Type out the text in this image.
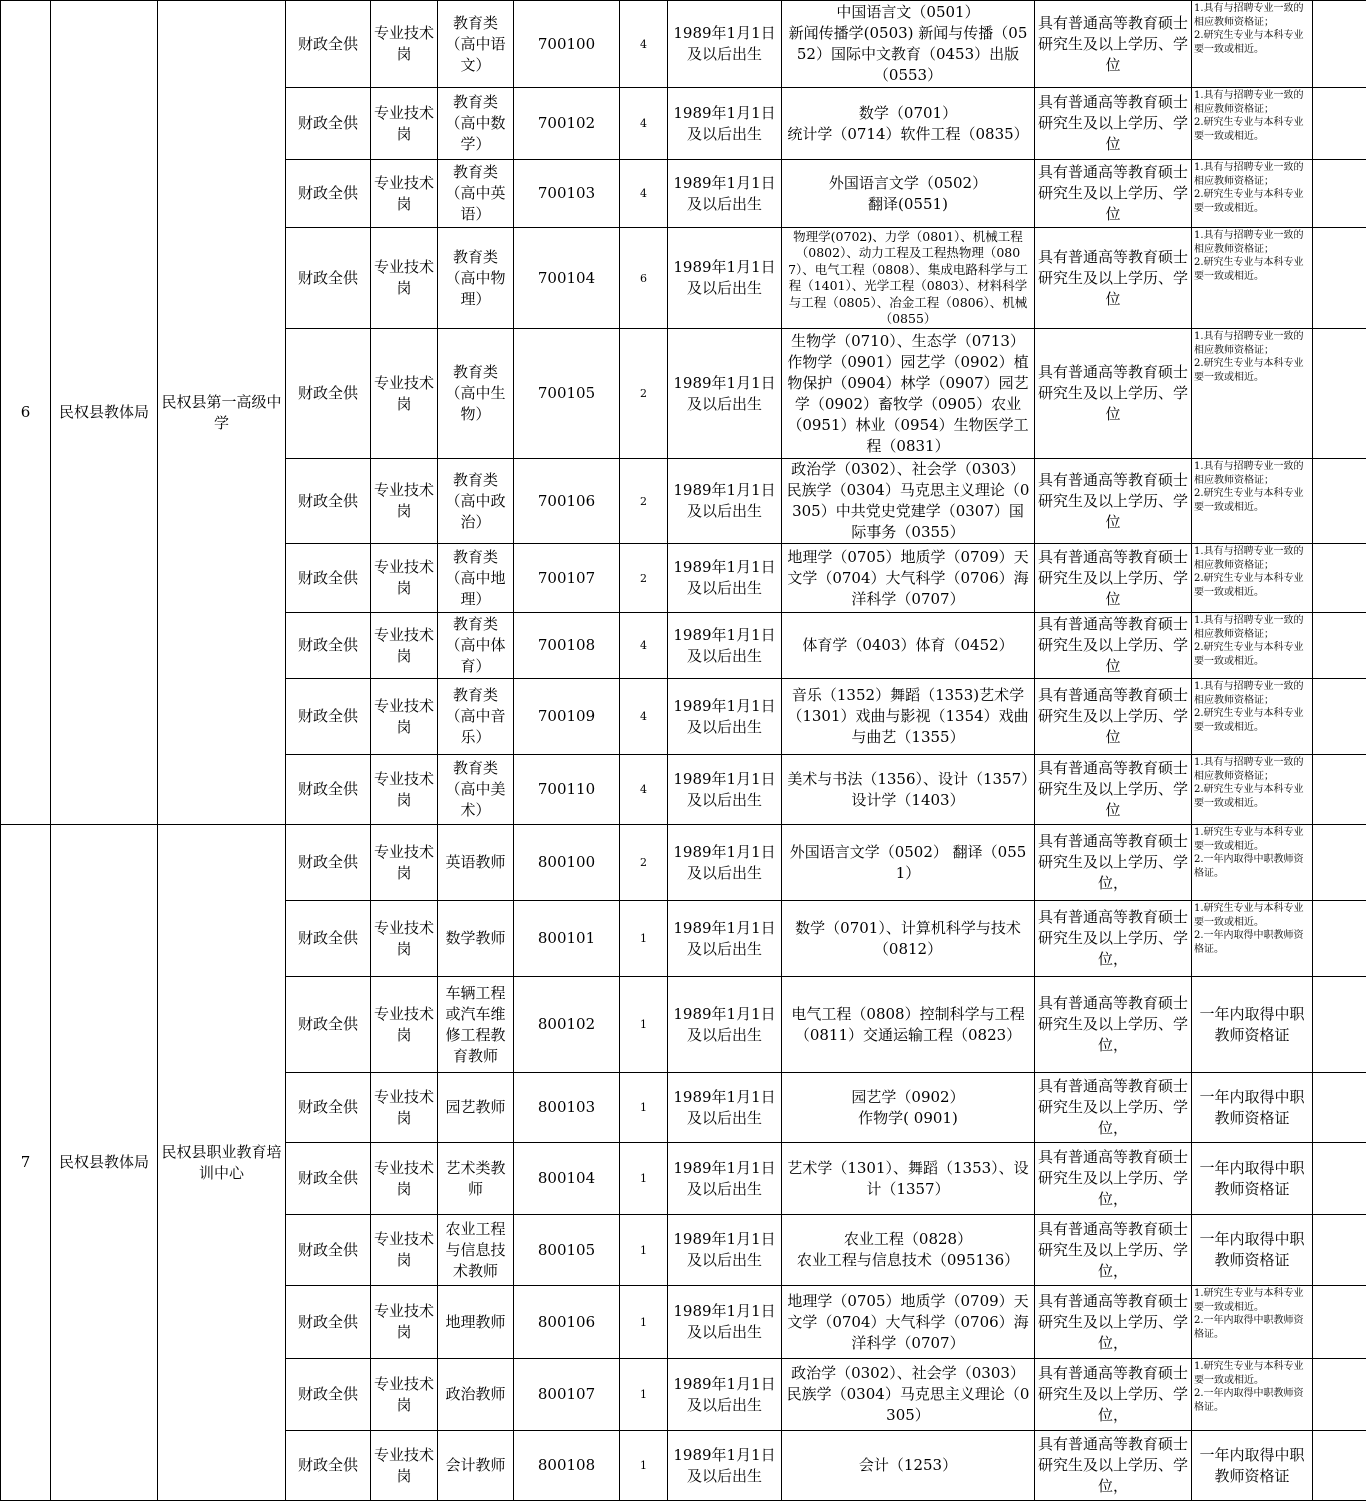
6	民权县教体局	民权县第一高级中学	财政全供	专业技术岗	教育类（高中语文）	700100	4	1989年1月1日及以后出生	中国语言文（0501）
新闻传播学(0503) 新闻与传播（0552）国际中文教育（0453）出版（0553）	具有普通高等教育硕士研究生及以上学历、学位	1.具有与招聘专业一致的相应教师资格证；
2.研究生专业与本科专业要一致或相近。	
			财政全供	专业技术岗	教育类（高中数学）	700102	4	1989年1月1日及以后出生	数学（0701）
统计学（0714）软件工程（0835）	具有普通高等教育硕士研究生及以上学历、学位	1.具有与招聘专业一致的相应教师资格证；
2.研究生专业与本科专业要一致或相近。	
			财政全供	专业技术岗	教育类（高中英语）	700103	4	1989年1月1日及以后出生	外国语言文学（0502）
翻译(0551)	具有普通高等教育硕士研究生及以上学历、学位	1.具有与招聘专业一致的相应教师资格证；
2.研究生专业与本科专业要一致或相近。	
			财政全供	专业技术岗	教育类（高中物理）	700104	6	1989年1月1日及以后出生	物理学(0702)、力学（0801）、机械工程（0802）、动力工程及工程热物理（0807）、电气工程（0808）、集成电路科学与工程（1401）、光学工程（0803）、材料科学与工程（0805）、冶金工程（0806）、机械（0855）	具有普通高等教育硕士研究生及以上学历、学位	1.具有与招聘专业一致的相应教师资格证；
2.研究生专业与本科专业要一致或相近。	
			财政全供	专业技术岗	教育类（高中生物）	700105	2	1989年1月1日及以后出生	生物学（0710）、生态学（0713）作物学（0901）园艺学（0902）植物保护（0904）林学（0907）园艺学（0902）畜牧学（0905）农业（0951）林业（0954）生物医学工程（0831）	具有普通高等教育硕士研究生及以上学历、学位	1.具有与招聘专业一致的相应教师资格证；
2.研究生专业与本科专业要一致或相近。	
			财政全供	专业技术岗	教育类（高中政治）	700106	2	1989年1月1日及以后出生	政治学（0302）、社会学（0303）民族学（0304）马克思主义理论（0305）中共党史党建学（0307）国际事务（0355）	具有普通高等教育硕士研究生及以上学历、学位	1.具有与招聘专业一致的相应教师资格证；
2.研究生专业与本科专业要一致或相近。	
			财政全供	专业技术岗	教育类（高中地理）	700107	2	1989年1月1日及以后出生	地理学（0705）地质学（0709）天文学（0704）大气科学（0706）海洋科学（0707）	具有普通高等教育硕士研究生及以上学历、学位	1.具有与招聘专业一致的相应教师资格证；
2.研究生专业与本科专业要一致或相近。	
			财政全供	专业技术岗	教育类（高中体育）	700108	4	1989年1月1日及以后出生	体育学（0403）体育（0452）	具有普通高等教育硕士研究生及以上学历、学位	1.具有与招聘专业一致的相应教师资格证；
2.研究生专业与本科专业要一致或相近。	
			财政全供	专业技术岗	教育类（高中音乐）	700109	4	1989年1月1日及以后出生	音乐（1352）舞蹈（1353)艺术学（1301）戏曲与影视（1354）戏曲与曲艺（1355）	具有普通高等教育硕士研究生及以上学历、学位	1.具有与招聘专业一致的相应教师资格证；
2.研究生专业与本科专业要一致或相近。	
			财政全供	专业技术岗	教育类（高中美术）	700110	4	1989年1月1日及以后出生	美术与书法（1356）、设计（1357）设计学（1403）	具有普通高等教育硕士研究生及以上学历、学位	1.具有与招聘专业一致的相应教师资格证；
2.研究生专业与本科专业要一致或相近。	
7	民权县教体局	民权县职业教育培训中心	财政全供	专业技术岗	英语教师	800100	2	1989年1月1日及以后出生	外国语言文学（0502） 翻译（0551）	具有普通高等教育硕士研究生及以上学历、学位，	1.研究生专业与本科专业要一致或相近。
2.一年内取得中职教师资格证。	
			财政全供	专业技术岗	数学教师	800101	1	1989年1月1日及以后出生	数学（0701）、计算机科学与技术（0812）	具有普通高等教育硕士研究生及以上学历、学位，	1.研究生专业与本科专业要一致或相近。
2.一年内取得中职教师资格证。	
			财政全供	专业技术岗	车辆工程或汽车维修工程教育教师	800102	1	1989年1月1日及以后出生	电气工程（0808）控制科学与工程（0811）交通运输工程（0823）	具有普通高等教育硕士研究生及以上学历、学位，	一年内取得中职教师资格证	
			财政全供	专业技术岗	园艺教师	800103	1	1989年1月1日及以后出生	园艺学（0902）
作物学( 0901)	具有普通高等教育硕士研究生及以上学历、学位，	一年内取得中职教师资格证	
			财政全供	专业技术岗	艺术类教师	800104	1	1989年1月1日及以后出生	艺术学（1301）、舞蹈（1353）、设计（1357）	具有普通高等教育硕士研究生及以上学历、学位，	一年内取得中职教师资格证	
			财政全供	专业技术岗	农业工程与信息技术教师	800105	1	1989年1月1日及以后出生	农业工程（0828）
农业工程与信息技术（095136）	具有普通高等教育硕士研究生及以上学历、学位，	一年内取得中职教师资格证	
			财政全供	专业技术岗	地理教师	800106	1	1989年1月1日及以后出生	地理学（0705）地质学（0709）天文学（0704）大气科学（0706）海洋科学（0707）	具有普通高等教育硕士研究生及以上学历、学位，	1.研究生专业与本科专业要一致或相近。
2.一年内取得中职教师资格证。	
			财政全供	专业技术岗	政治教师	800107	1	1989年1月1日及以后出生	政治学（0302）、社会学（0303）民族学（0304）马克思主义理论（0305）	具有普通高等教育硕士研究生及以上学历、学位，	1.研究生专业与本科专业要一致或相近。
2.一年内取得中职教师资格证。	
			财政全供	专业技术岗	会计教师	800108	1	1989年1月1日及以后出生	会计（1253）	具有普通高等教育硕士研究生及以上学历、学位，	一年内取得中职教师资格证	
